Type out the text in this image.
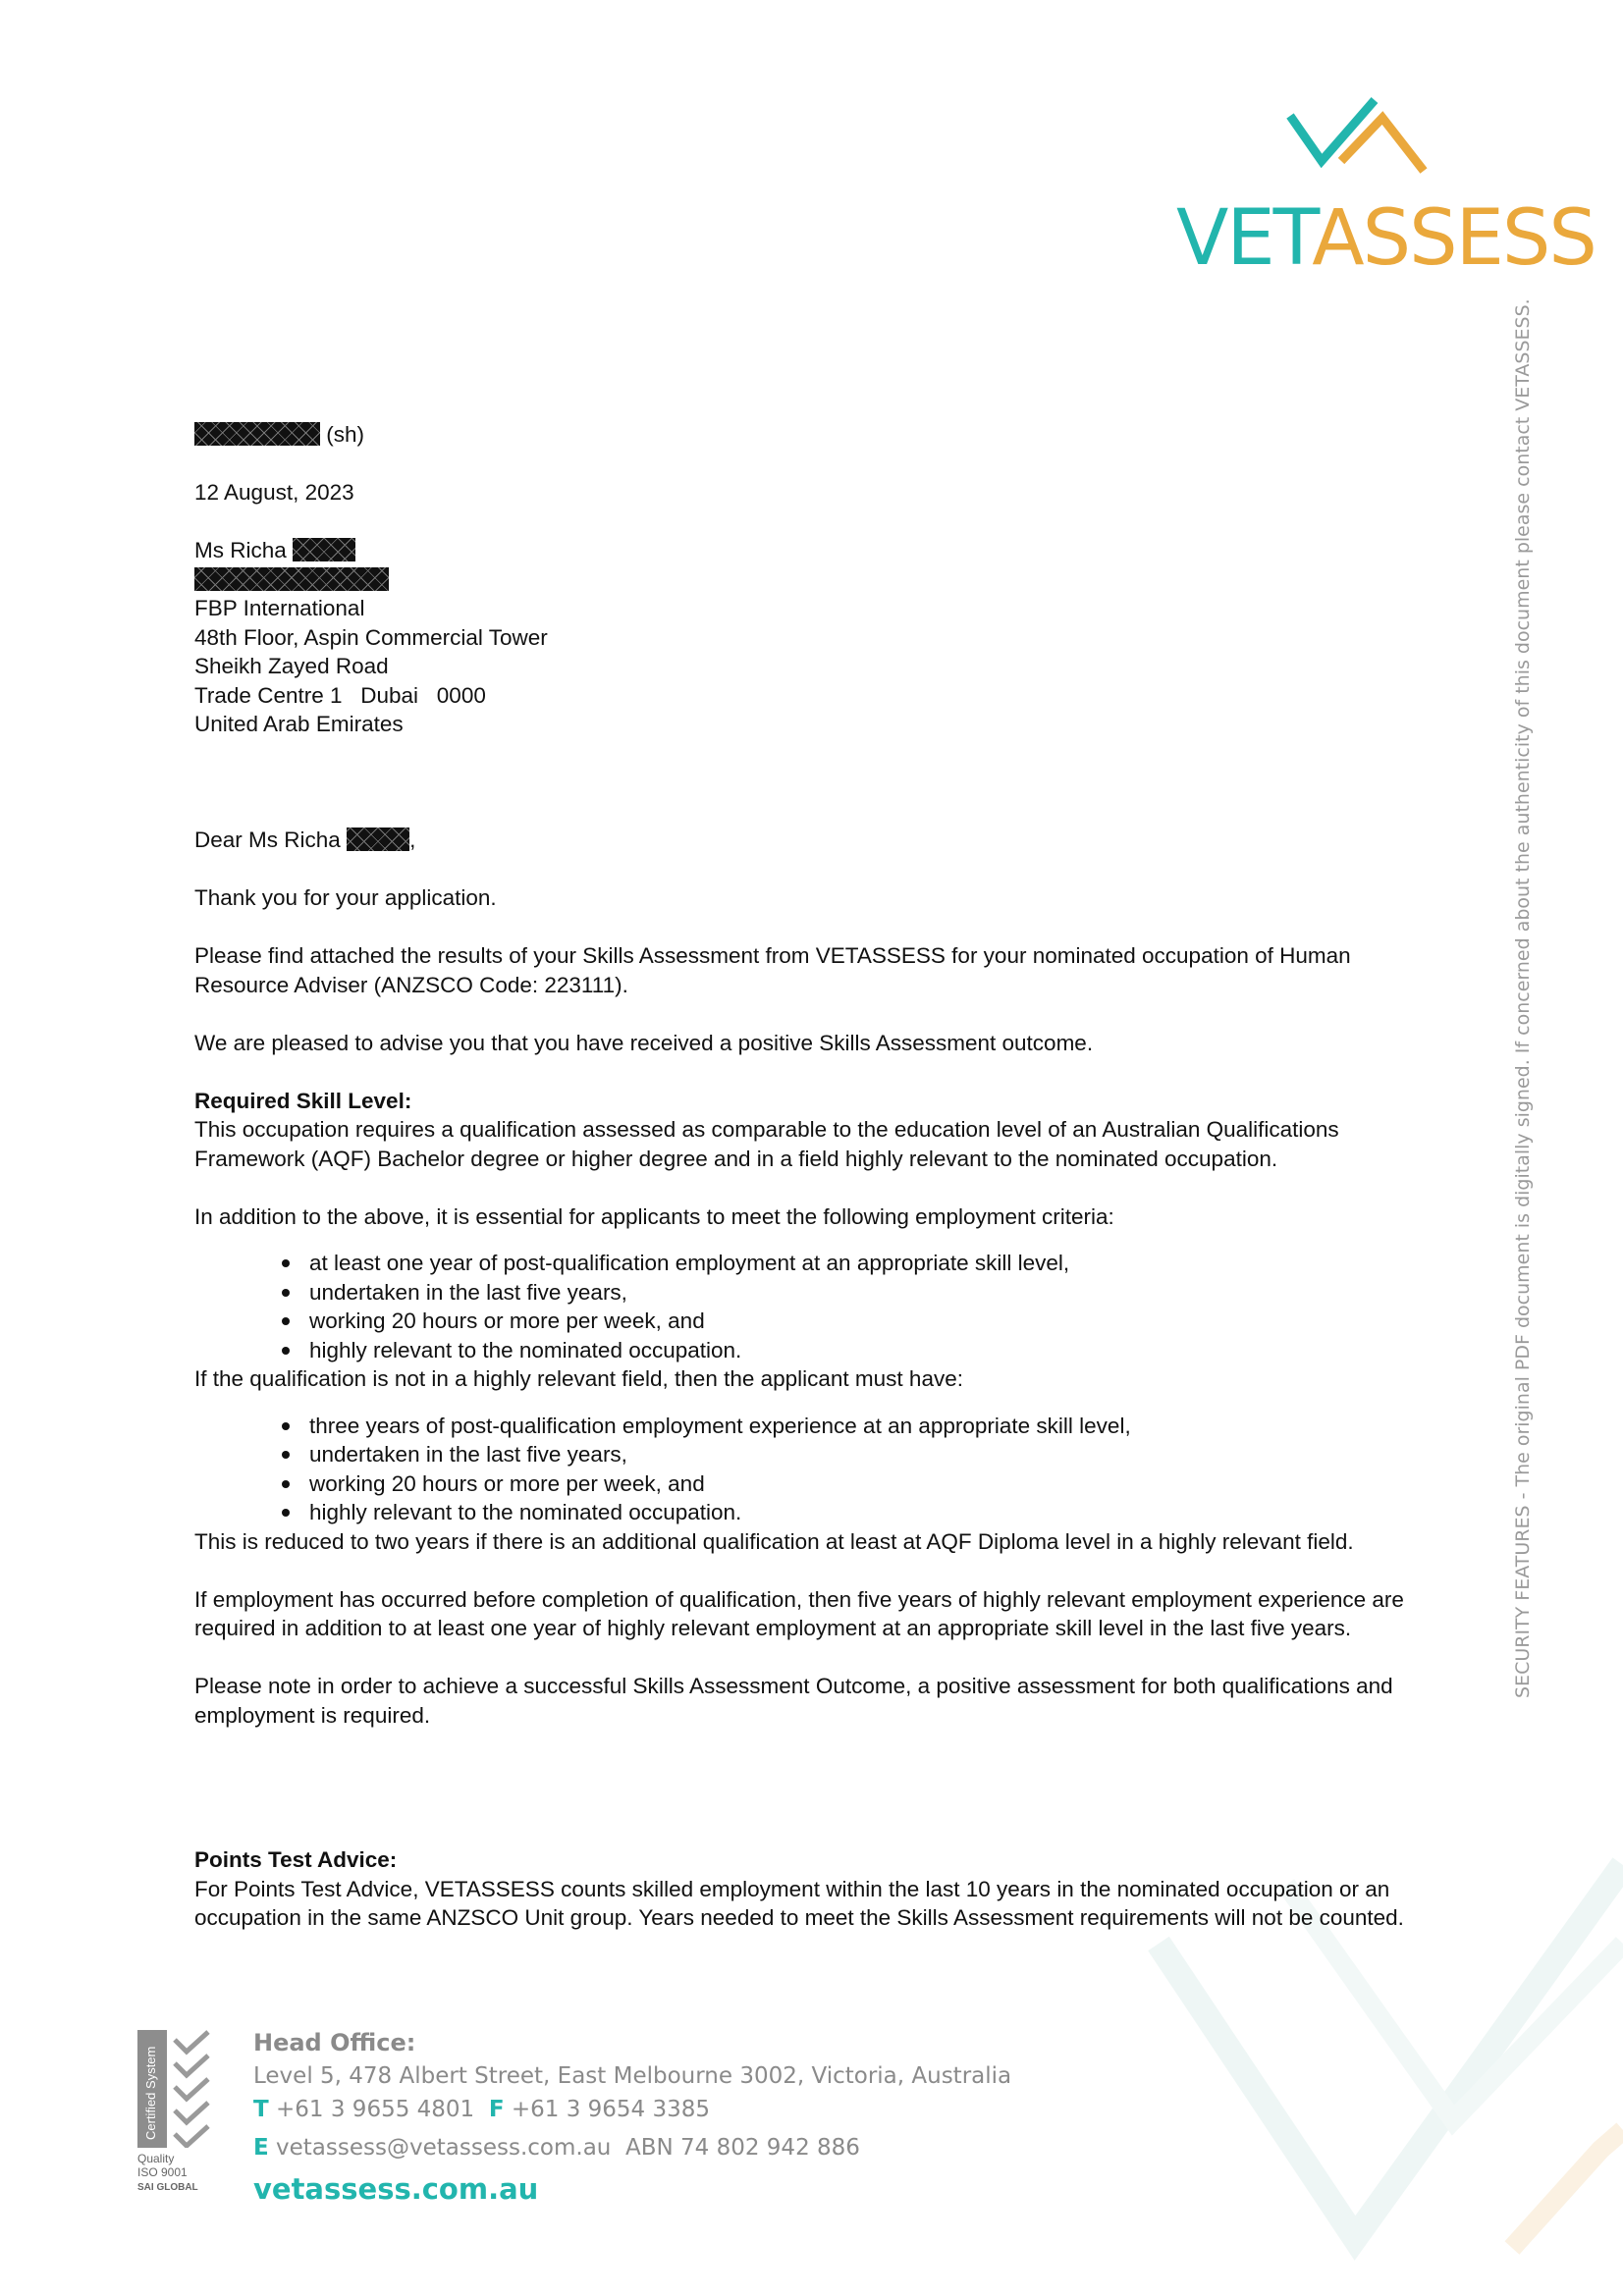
VETASSESS
SECURITY FEATURES - The original PDF document is digitally signed. If concerned about the authenticity of this document please contact VETASSESS.

(sh)

12 August, 2023

Ms Richa

FBP International

48th Floor, Aspin Commercial Tower

Sheikh Zayed Road

Trade Centre 1   Dubai   0000

United Arab Emirates

Dear Ms Richa	,

Thank you for your application.

Please find attached the results of your Skills Assessment from VETASSESS for your nominated occupation of Human Resource Adviser (ANZSCO Code: 223111).

We are pleased to advise you that you have received a positive Skills Assessment outcome.

Required Skill Level:

This occupation requires a qualification assessed as comparable to the education level of an Australian Qualifications Framework (AQF) Bachelor degree or higher degree and in a field highly relevant to the nominated occupation.

In addition to the above, it is essential for applicants to meet the following employment criteria:

at least one year of post-qualification employment at an appropriate skill level,
undertaken in the last five years,
working 20 hours or more per week, and
highly relevant to the nominated occupation.

If the qualification is not in a highly relevant field, then the applicant must have:

three years of post-qualification employment experience at an appropriate skill level,
undertaken in the last five years,
working 20 hours or more per week, and
highly relevant to the nominated occupation.

This is reduced to two years if there is an additional qualification at least at AQF Diploma level in a highly relevant field.

If employment has occurred before completion of qualification, then five years of highly relevant employment experience are required in addition to at least one year of highly relevant employment at an appropriate skill level in the last five years.

Please note in order to achieve a successful Skills Assessment Outcome, a positive assessment for both qualifications and employment is required.

Points Test Advice:

For Points Test Advice, VETASSESS counts skilled employment within the last 10 years in the nominated occupation or an occupation in the same ANZSCO Unit group. Years needed to meet the Skills Assessment requirements will not be counted.

Certified System
Quality
ISO 9001
SAI GLOBAL
Head Office:
Level 5, 478 Albert Street, East Melbourne 3002, Victoria, Australia
T +61 3 9655 4801 F +61 3 9654 3385
E vetassess@vetassess.com.au ABN 74 802 942 886
vetassess.com.au
